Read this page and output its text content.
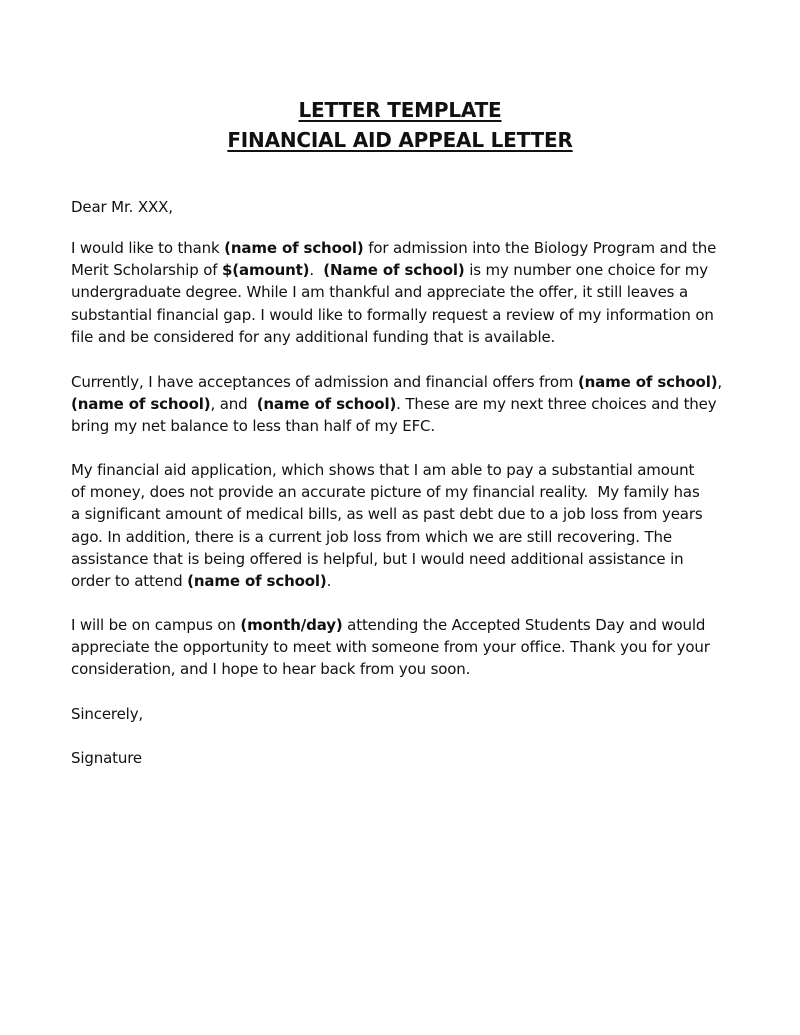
LETTER TEMPLATE
FINANCIAL AID APPEAL LETTER
Dear Mr. XXX,
I would like to thank (name of school) for admission into the Biology Program and the
Merit Scholarship of $(amount).  (Name of school) is my number one choice for my
undergraduate degree. While I am thankful and appreciate the offer, it still leaves a
substantial financial gap. I would like to formally request a review of my information on
file and be considered for any additional funding that is available.
Currently, I have acceptances of admission and financial offers from (name of school),
(name of school), and  (name of school). These are my next three choices and they
bring my net balance to less than half of my EFC.
My financial aid application, which shows that I am able to pay a substantial amount
of money, does not provide an accurate picture of my financial reality.  My family has
a significant amount of medical bills, as well as past debt due to a job loss from years
ago. In addition, there is a current job loss from which we are still recovering. The
assistance that is being offered is helpful, but I would need additional assistance in
order to attend (name of school).
I will be on campus on (month/day) attending the Accepted Students Day and would
appreciate the opportunity to meet with someone from your office. Thank you for your
consideration, and I hope to hear back from you soon.
Sincerely,
Signature
